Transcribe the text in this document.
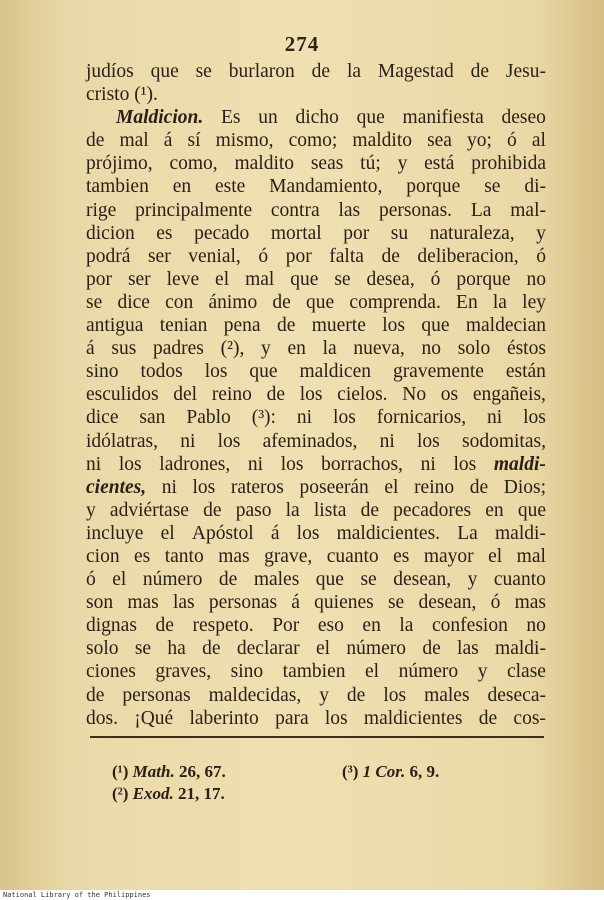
274
judíos que se burlaron de la Magestad de Jesu-
cristo (¹).
Maldicion. Es un dicho que manifiesta deseo
de mal á sí mismo, como; maldito sea yo; ó al
prójimo, como, maldito seas tú; y está prohibida
tambien en este Mandamiento, porque se di-
rige principalmente contra las personas. La mal-
dicion es pecado mortal por su naturaleza, y
podrá ser venial, ó por falta de deliberacion, ó
por ser leve el mal que se desea, ó porque no
se dice con ánimo de que comprenda. En la ley
antigua tenian pena de muerte los que maldecian
á sus padres (²), y en la nueva, no solo éstos
sino todos los que maldicen gravemente están
esculidos del reino de los cielos. No os engañeis,
dice san Pablo (³): ni los fornicarios, ni los
idólatras, ni los afeminados, ni los sodomitas,
ni los ladrones, ni los borrachos, ni los maldi-
cientes, ni los rateros poseerán el reino de Dios;
y adviértase de paso la lista de pecadores en que
incluye el Apóstol á los maldicientes. La maldi-
cion es tanto mas grave, cuanto es mayor el mal
ó el número de males que se desean, y cuanto
son mas las personas á quienes se desean, ó mas
dignas de respeto. Por eso en la confesion no
solo se ha de declarar el número de las maldi-
ciones graves, sino tambien el número y clase
de personas maldecidas, y de los males deseca-
dos. ¡Qué laberinto para los maldicientes de cos-
(¹) Math. 26, 67.
(²) Exod. 21, 17.
(³) 1 Cor. 6, 9.
National Library of the Philippines
